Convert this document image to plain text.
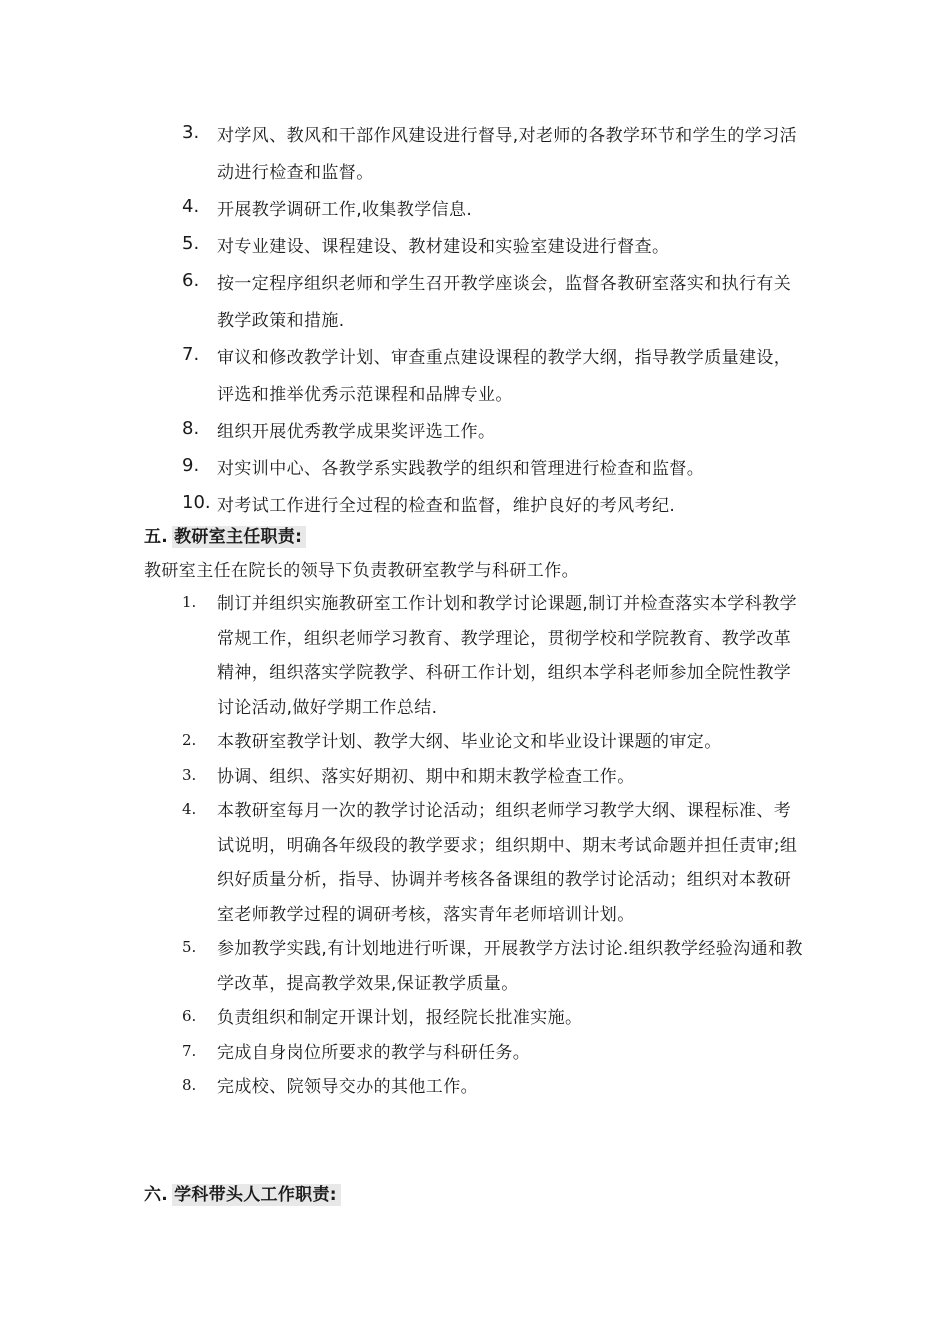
3. 对学风、教风和干部作风建设进行督导,对老师的各教学环节和学生的学习活动进行检查和监督。
4. 开展教学调研工作,收集教学信息.
5. 对专业建设、课程建设、教材建设和实验室建设进行督查。
6. 按一定程序组织老师和学生召开教学座谈会，监督各教研室落实和执行有关教学政策和措施.
7. 审议和修改教学计划、审查重点建设课程的教学大纲，指导教学质量建设，评选和推举优秀示范课程和品牌专业。
8. 组织开展优秀教学成果奖评选工作。
9. 对实训中心、各教学系实践教学的组织和管理进行检查和监督。
10. 对考试工作进行全过程的检查和监督，维护良好的考风考纪.
五. 教研室主任职责:
教研室主任在院长的领导下负责教研室教学与科研工作。
1. 制订并组织实施教研室工作计划和教学讨论课题,制订并检查落实本学科教学常规工作，组织老师学习教育、教学理论，贯彻学校和学院教育、教学改革精神，组织落实学院教学、科研工作计划，组织本学科老师参加全院性教学讨论活动,做好学期工作总结.
2. 本教研室教学计划、教学大纲、毕业论文和毕业设计课题的审定。
3. 协调、组织、落实好期初、期中和期末教学检查工作。
4. 本教研室每月一次的教学讨论活动；组织老师学习教学大纲、课程标准、考试说明，明确各年级段的教学要求；组织期中、期末考试命题并担任责审;组织好质量分析，指导、协调并考核各备课组的教学讨论活动；组织对本教研室老师教学过程的调研考核，落实青年老师培训计划。
5. 参加教学实践,有计划地进行听课，开展教学方法讨论.组织教学经验沟通和教学改革，提高教学效果,保证教学质量。
6. 负责组织和制定开课计划，报经院长批准实施。
7. 完成自身岗位所要求的教学与科研任务。
8. 完成校、院领导交办的其他工作。
六. 学科带头人工作职责:
